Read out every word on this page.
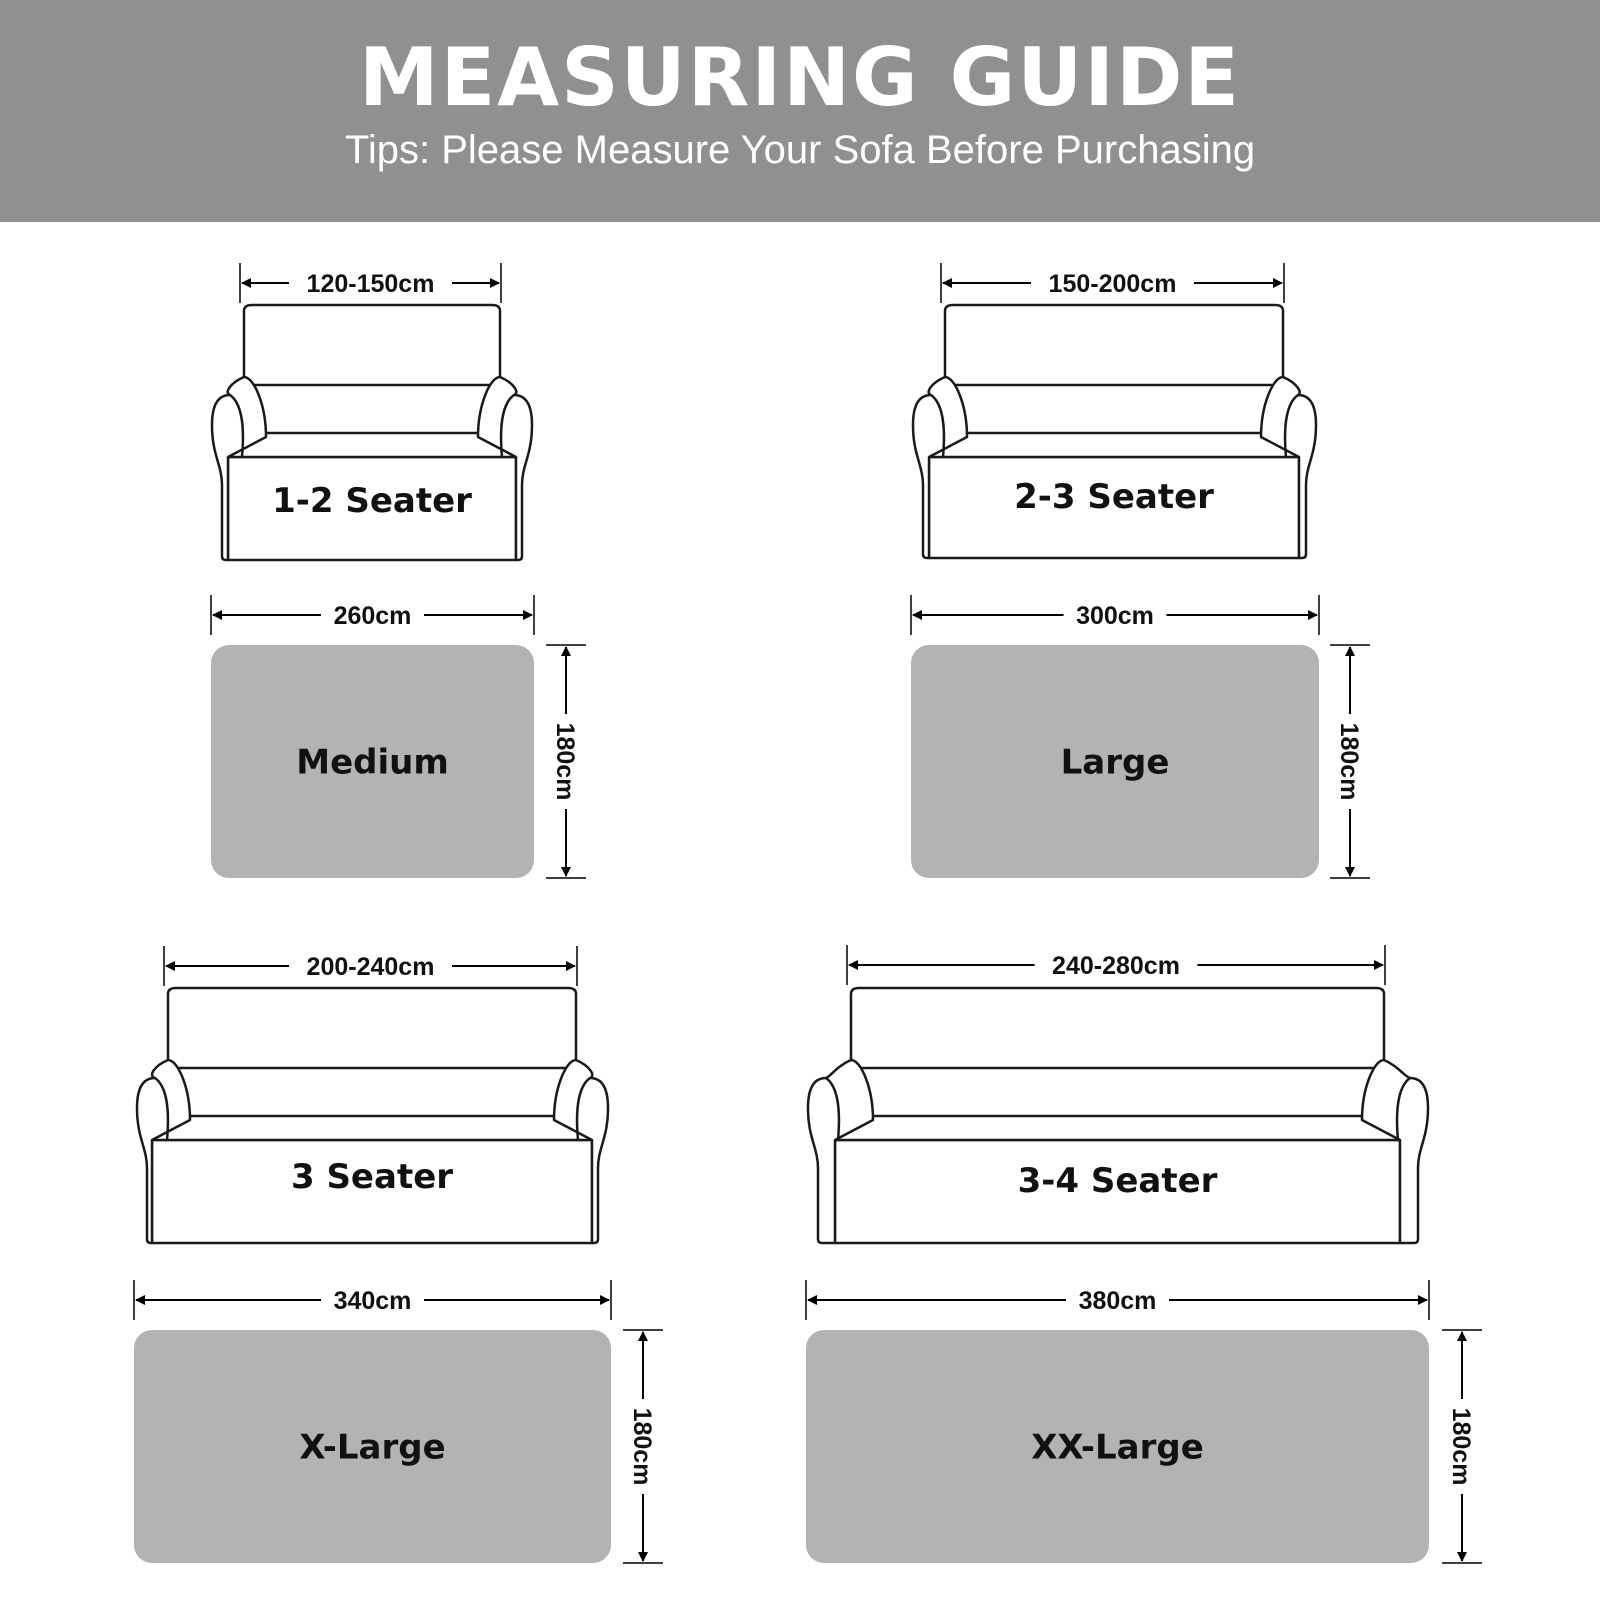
MEASURING GUIDE
Tips: Please Measure Your Sofa Before Purchasing
120-150cm
1-2 Seater
260cm
Medium	180cm
150-200cm
2-3 Seater
300cm
Large	180cm
200-240cm
3 Seater
340cm
X-Large	180cm
240-280cm
3-4 Seater
380cm
XX-Large	180cm
